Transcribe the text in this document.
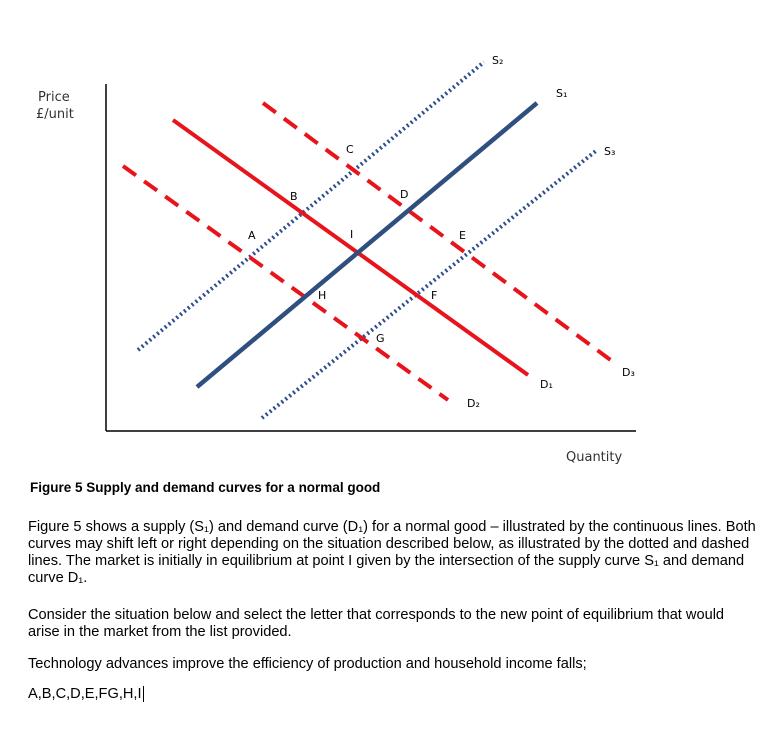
Price
£/unit
Quantity
S₂
S₁
S₃
D₃
D₁
D₂
A
B
C
D
E
F
G
H
I
Figure 5 Supply and demand curves for a normal good

Figure 5 shows a supply (S₁) and demand curve (D₁) for a normal good – illustrated by the continuous lines. Both curves may shift left or right depending on the situation described below, as illustrated by the dotted and dashed lines. The market is initially in equilibrium at point I given by the intersection of the supply curve S₁ and demand curve D₁.

Consider the situation below and select the letter that corresponds to the new point of equilibrium that would arise in the market from the list provided.

Technology advances improve the efficiency of production and household income falls;

A,B,C,D,E,FG,H,I
